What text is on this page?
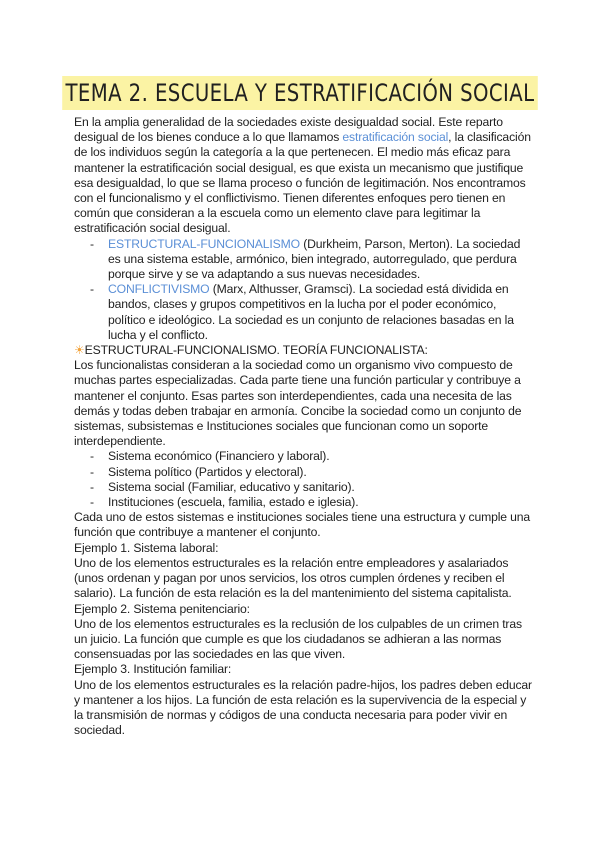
TEMA 2. ESCUELA Y ESTRATIFICACIÓN SOCIAL

En la amplia generalidad de la sociedades existe desigualdad social. Este reparto desigual de los bienes conduce a lo que llamamos estratificación social, la clasificación de los individuos según la categoría a la que pertenecen. El medio más eficaz para mantener la estratificación social desigual, es que exista un mecanismo que justifique esa desigualdad, lo que se llama proceso o función de legitimación. Nos encontramos con el funcionalismo y el conflictivismo. Tienen diferentes enfoques pero tienen en común que consideran a la escuela como un elemento clave para legitimar la estratificación social desigual.

- ESTRUCTURAL-FUNCIONALISMO (Durkheim, Parson, Merton). La sociedad es una sistema estable, armónico, bien integrado, autorregulado, que perdura porque sirve y se va adaptando a sus nuevas necesidades.
- CONFLICTIVISMO (Marx, Althusser, Gramsci). La sociedad está dividida en bandos, clases y grupos competitivos en la lucha por el poder económico, político e ideológico. La sociedad es un conjunto de relaciones basadas en la lucha y el conflicto.

☀ESTRUCTURAL-FUNCIONALISMO. TEORÍA FUNCIONALISTA:

Los funcionalistas consideran a la sociedad como un organismo vivo compuesto de muchas partes especializadas. Cada parte tiene una función particular y contribuye a mantener el conjunto. Esas partes son interdependientes, cada una necesita de las demás y todas deben trabajar en armonía. Concibe la sociedad como un conjunto de sistemas, subsistemas e Instituciones sociales que funcionan como un soporte interdependiente.

- Sistema económico (Financiero y laboral).
- Sistema político (Partidos y electoral).
- Sistema social (Familiar, educativo y sanitario).
- Instituciones (escuela, familia, estado e iglesia).

Cada uno de estos sistemas e instituciones sociales tiene una estructura y cumple una función que contribuye a mantener el conjunto.

Ejemplo 1. Sistema laboral:

Uno de los elementos estructurales es la relación entre empleadores y asalariados (unos ordenan y pagan por unos servicios, los otros cumplen órdenes y reciben el salario). La función de esta relación es la del mantenimiento del sistema capitalista.

Ejemplo 2. Sistema penitenciario:

Uno de los elementos estructurales es la reclusión de los culpables de un crimen tras un juicio. La función que cumple es que los ciudadanos se adhieran a las normas consensuadas por las sociedades en las que viven.

Ejemplo 3. Institución familiar:

Uno de los elementos estructurales es la relación padre-hijos, los padres deben educar y mantener a los hijos. La función de esta relación es la supervivencia de la especial y la transmisión de normas y códigos de una conducta necesaria para poder vivir en sociedad.
